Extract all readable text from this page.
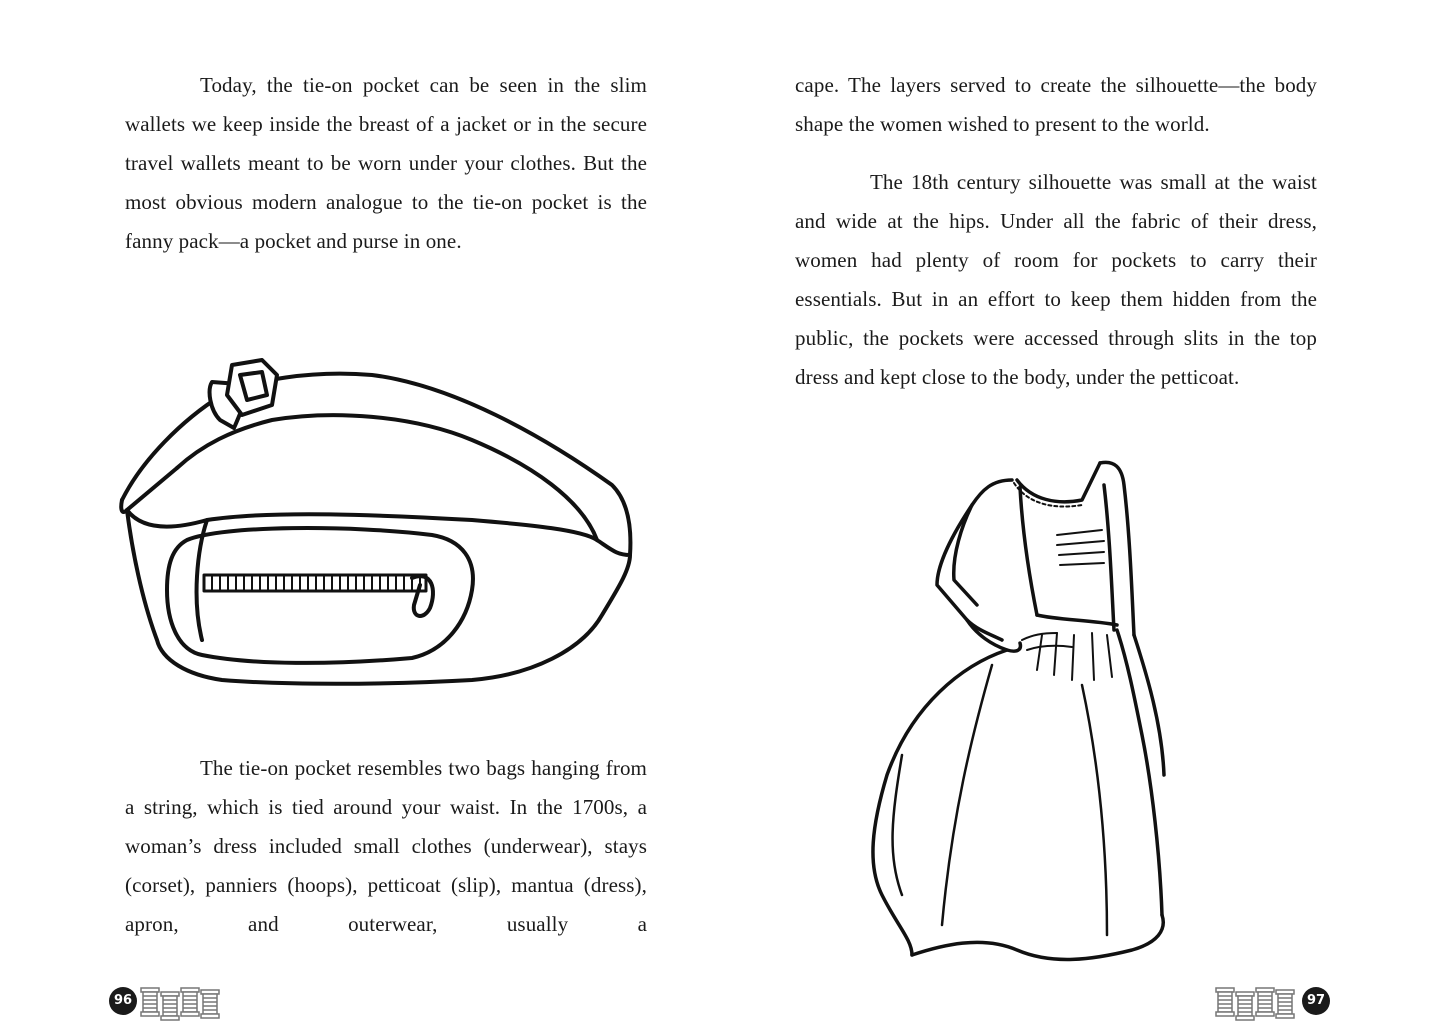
Today, the tie-on pocket can be seen in the slim wallets we keep inside the breast of a jacket or in the secure travel wallets meant to be worn under your clothes. But the most obvious modern analogue to the tie-on pocket is the fanny pack—a pocket and purse in one.

The tie-on pocket resembles two bags hanging from a string, which is tied around your waist. In the 1700s, a woman’s dress included small clothes (underwear), stays (corset), panniers (hoops), petticoat (slip), mantua (dress), apron, and outerwear, usually a

96

cape. The layers served to create the silhouette—the body shape the women wished to present to the world.

The 18th century silhouette was small at the waist and wide at the hips. Under all the fabric of their dress, women had plenty of room for pockets to carry their essentials. But in an effort to keep them hidden from the public, the pockets were accessed through slits in the top dress and kept close to the body, under the petticoat.

97
